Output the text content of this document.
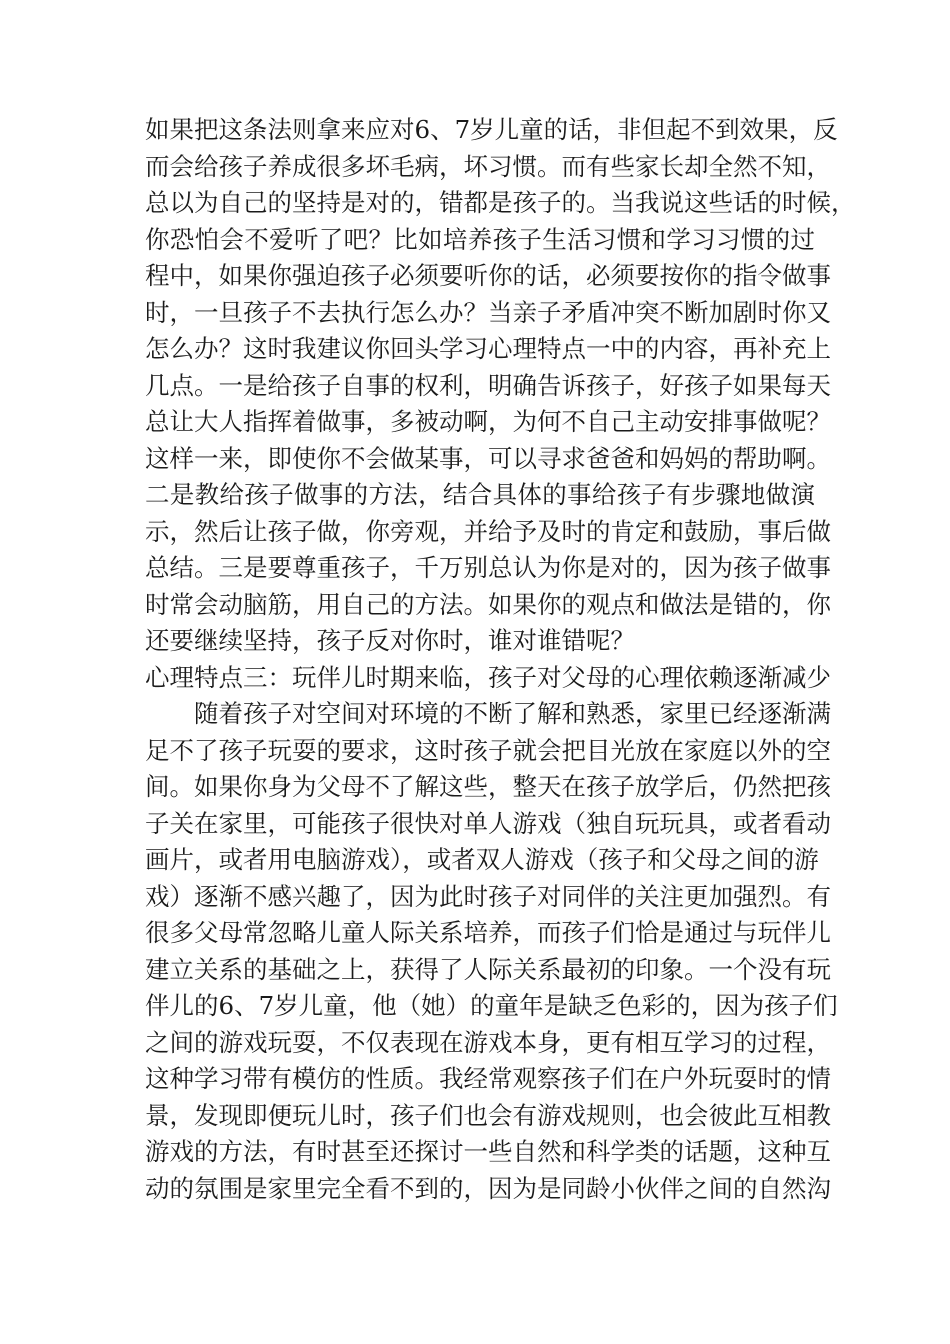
如果把这条法则拿来应对6、7岁儿童的话，非但起不到效果，反

而会给孩子养成很多坏毛病，坏习惯。而有些家长却全然不知，

总以为自己的坚持是对的，错都是孩子的。当我说这些话的时候，

你恐怕会不爱听了吧？比如培养孩子生活习惯和学习习惯的过

程中，如果你强迫孩子必须要听你的话，必须要按你的指令做事

时，一旦孩子不去执行怎么办？当亲子矛盾冲突不断加剧时你又

怎么办？这时我建议你回头学习心理特点一中的内容，再补充上

几点。一是给孩子自事的权利，明确告诉孩子，好孩子如果每天

总让大人指挥着做事，多被动啊，为何不自己主动安排事做呢？

这样一来，即使你不会做某事，可以寻求爸爸和妈妈的帮助啊。

二是教给孩子做事的方法，结合具体的事给孩子有步骤地做演

示，然后让孩子做，你旁观，并给予及时的肯定和鼓励，事后做

总结。三是要尊重孩子，千万别总认为你是对的，因为孩子做事

时常会动脑筋，用自己的方法。如果你的观点和做法是错的，你

还要继续坚持，孩子反对你时，谁对谁错呢？

心理特点三：玩伴儿时期来临，孩子对父母的心理依赖逐渐减少

随着孩子对空间对环境的不断了解和熟悉，家里已经逐渐满

足不了孩子玩耍的要求，这时孩子就会把目光放在家庭以外的空

间。如果你身为父母不了解这些，整天在孩子放学后，仍然把孩

子关在家里，可能孩子很快对单人游戏（独自玩玩具，或者看动

画片，或者用电脑游戏），或者双人游戏（孩子和父母之间的游

戏）逐渐不感兴趣了，因为此时孩子对同伴的关注更加强烈。有

很多父母常忽略儿童人际关系培养，而孩子们恰是通过与玩伴儿

建立关系的基础之上，获得了人际关系最初的印象。一个没有玩

伴儿的6、7岁儿童，他（她）的童年是缺乏色彩的，因为孩子们

之间的游戏玩耍，不仅表现在游戏本身，更有相互学习的过程，

这种学习带有模仿的性质。我经常观察孩子们在户外玩耍时的情

景，发现即便玩儿时，孩子们也会有游戏规则，也会彼此互相教

游戏的方法，有时甚至还探讨一些自然和科学类的话题，这种互

动的氛围是家里完全看不到的，因为是同龄小伙伴之间的自然沟
